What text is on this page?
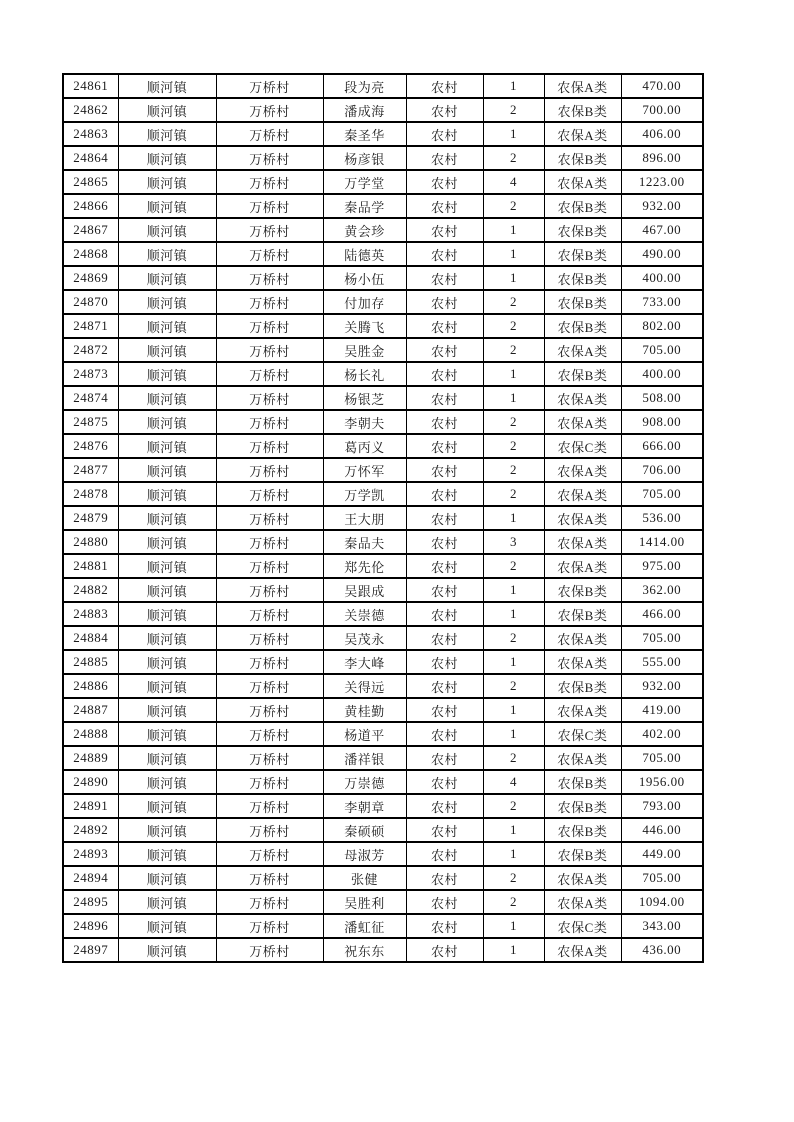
24861	顺河镇	万桥村	段为亮	农村	1	农保A类	470.00
24862	顺河镇	万桥村	潘成海	农村	2	农保B类	700.00
24863	顺河镇	万桥村	秦圣华	农村	1	农保A类	406.00
24864	顺河镇	万桥村	杨彦银	农村	2	农保B类	896.00
24865	顺河镇	万桥村	万学堂	农村	4	农保A类	1223.00
24866	顺河镇	万桥村	秦品学	农村	2	农保B类	932.00
24867	顺河镇	万桥村	黄会珍	农村	1	农保B类	467.00
24868	顺河镇	万桥村	陆德英	农村	1	农保B类	490.00
24869	顺河镇	万桥村	杨小伍	农村	1	农保B类	400.00
24870	顺河镇	万桥村	付加存	农村	2	农保B类	733.00
24871	顺河镇	万桥村	关腾飞	农村	2	农保B类	802.00
24872	顺河镇	万桥村	吴胜金	农村	2	农保A类	705.00
24873	顺河镇	万桥村	杨长礼	农村	1	农保B类	400.00
24874	顺河镇	万桥村	杨银芝	农村	1	农保A类	508.00
24875	顺河镇	万桥村	李朝夫	农村	2	农保A类	908.00
24876	顺河镇	万桥村	葛丙义	农村	2	农保C类	666.00
24877	顺河镇	万桥村	万怀军	农村	2	农保A类	706.00
24878	顺河镇	万桥村	万学凯	农村	2	农保A类	705.00
24879	顺河镇	万桥村	王大朋	农村	1	农保A类	536.00
24880	顺河镇	万桥村	秦品夫	农村	3	农保A类	1414.00
24881	顺河镇	万桥村	郑先伦	农村	2	农保A类	975.00
24882	顺河镇	万桥村	吴跟成	农村	1	农保B类	362.00
24883	顺河镇	万桥村	关崇德	农村	1	农保B类	466.00
24884	顺河镇	万桥村	吴茂永	农村	2	农保A类	705.00
24885	顺河镇	万桥村	李大峰	农村	1	农保A类	555.00
24886	顺河镇	万桥村	关得远	农村	2	农保B类	932.00
24887	顺河镇	万桥村	黄桂勤	农村	1	农保A类	419.00
24888	顺河镇	万桥村	杨道平	农村	1	农保C类	402.00
24889	顺河镇	万桥村	潘祥银	农村	2	农保A类	705.00
24890	顺河镇	万桥村	万崇德	农村	4	农保B类	1956.00
24891	顺河镇	万桥村	李朝章	农村	2	农保B类	793.00
24892	顺河镇	万桥村	秦硕硕	农村	1	农保B类	446.00
24893	顺河镇	万桥村	母淑芳	农村	1	农保B类	449.00
24894	顺河镇	万桥村	张健	农村	2	农保A类	705.00
24895	顺河镇	万桥村	吴胜利	农村	2	农保A类	1094.00
24896	顺河镇	万桥村	潘虹征	农村	1	农保C类	343.00
24897	顺河镇	万桥村	祝东东	农村	1	农保A类	436.00
